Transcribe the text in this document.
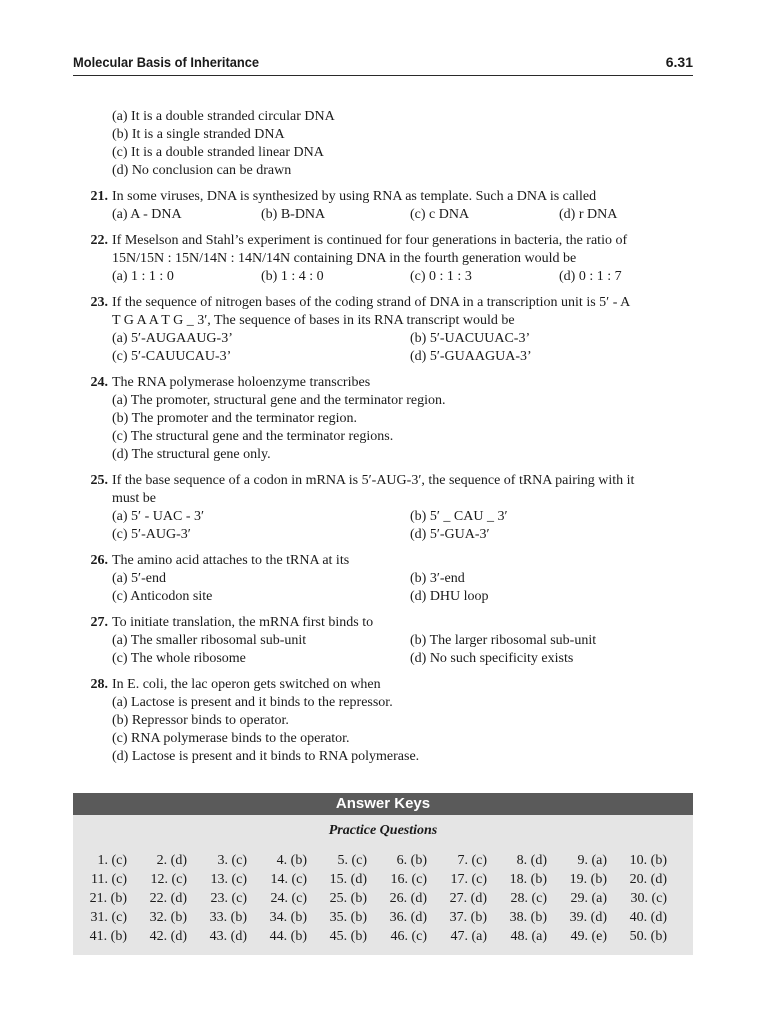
Molecular Basis of Inheritance	6.31
(a) It is a double stranded circular DNA
(b) It is a single stranded DNA
(c) It is a double stranded linear DNA
(d) No conclusion can be drawn
21. In some viruses, DNA is synthesized by using RNA as template. Such a DNA is called
(a) A - DNA	(b) B-DNA	(c) c DNA	(d) r DNA
22. If Meselson and Stahl’s experiment is continued for four generations in bacteria, the ratio of
15N/15N : 15N/14N : 14N/14N containing DNA in the fourth generation would be
(a) 1 : 1 : 0	(b) 1 : 4 : 0	(c) 0 : 1 : 3	(d) 0 : 1 : 7
23. If the sequence of nitrogen bases of the coding strand of DNA in a transcription unit is 5′ - A
T G A A T G _ 3′, The sequence of bases in its RNA transcript would be
(a) 5′-AUGAAUG-3’	(b) 5′-UACUUAC-3’
(c) 5′-CAUUCAU-3’	(d) 5′-GUAAGUA-3’
24. The RNA polymerase holoenzyme transcribes
(a) The promoter, structural gene and the terminator region.
(b) The promoter and the terminator region.
(c) The structural gene and the terminator regions.
(d) The structural gene only.
25. If the base sequence of a codon in mRNA is 5′-AUG-3′, the sequence of tRNA pairing with it
must be
(a) 5′ - UAC - 3′	(b) 5′ _ CAU _ 3′
(c) 5′-AUG-3′	(d) 5′-GUA-3′
26. The amino acid attaches to the tRNA at its
(a) 5′-end	(b) 3′-end
(c) Anticodon site	(d) DHU loop
27. To initiate translation, the mRNA first binds to
(a) The smaller ribosomal sub-unit	(b) The larger ribosomal sub-unit
(c) The whole ribosome	(d) No such specificity exists
28. In E. coli, the lac operon gets switched on when
(a) Lactose is present and it binds to the repressor.
(b) Repressor binds to operator.
(c) RNA polymerase binds to the operator.
(d) Lactose is present and it binds to RNA polymerase.
Answer Keys
Practice Questions
1. (c)	2. (d)	3. (c)	4. (b)	5. (c)	6. (b)	7. (c)	8. (d)	9. (a)	10. (b)
11. (c)	12. (c)	13. (c)	14. (c)	15. (d)	16. (c)	17. (c)	18. (b)	19. (b)	20. (d)
21. (b)	22. (d)	23. (c)	24. (c)	25. (b)	26. (d)	27. (d)	28. (c)	29. (a)	30. (c)
31. (c)	32. (b)	33. (b)	34. (b)	35. (b)	36. (d)	37. (b)	38. (b)	39. (d)	40. (d)
41. (b)	42. (d)	43. (d)	44. (b)	45. (b)	46. (c)	47. (a)	48. (a)	49. (e)	50. (b)
